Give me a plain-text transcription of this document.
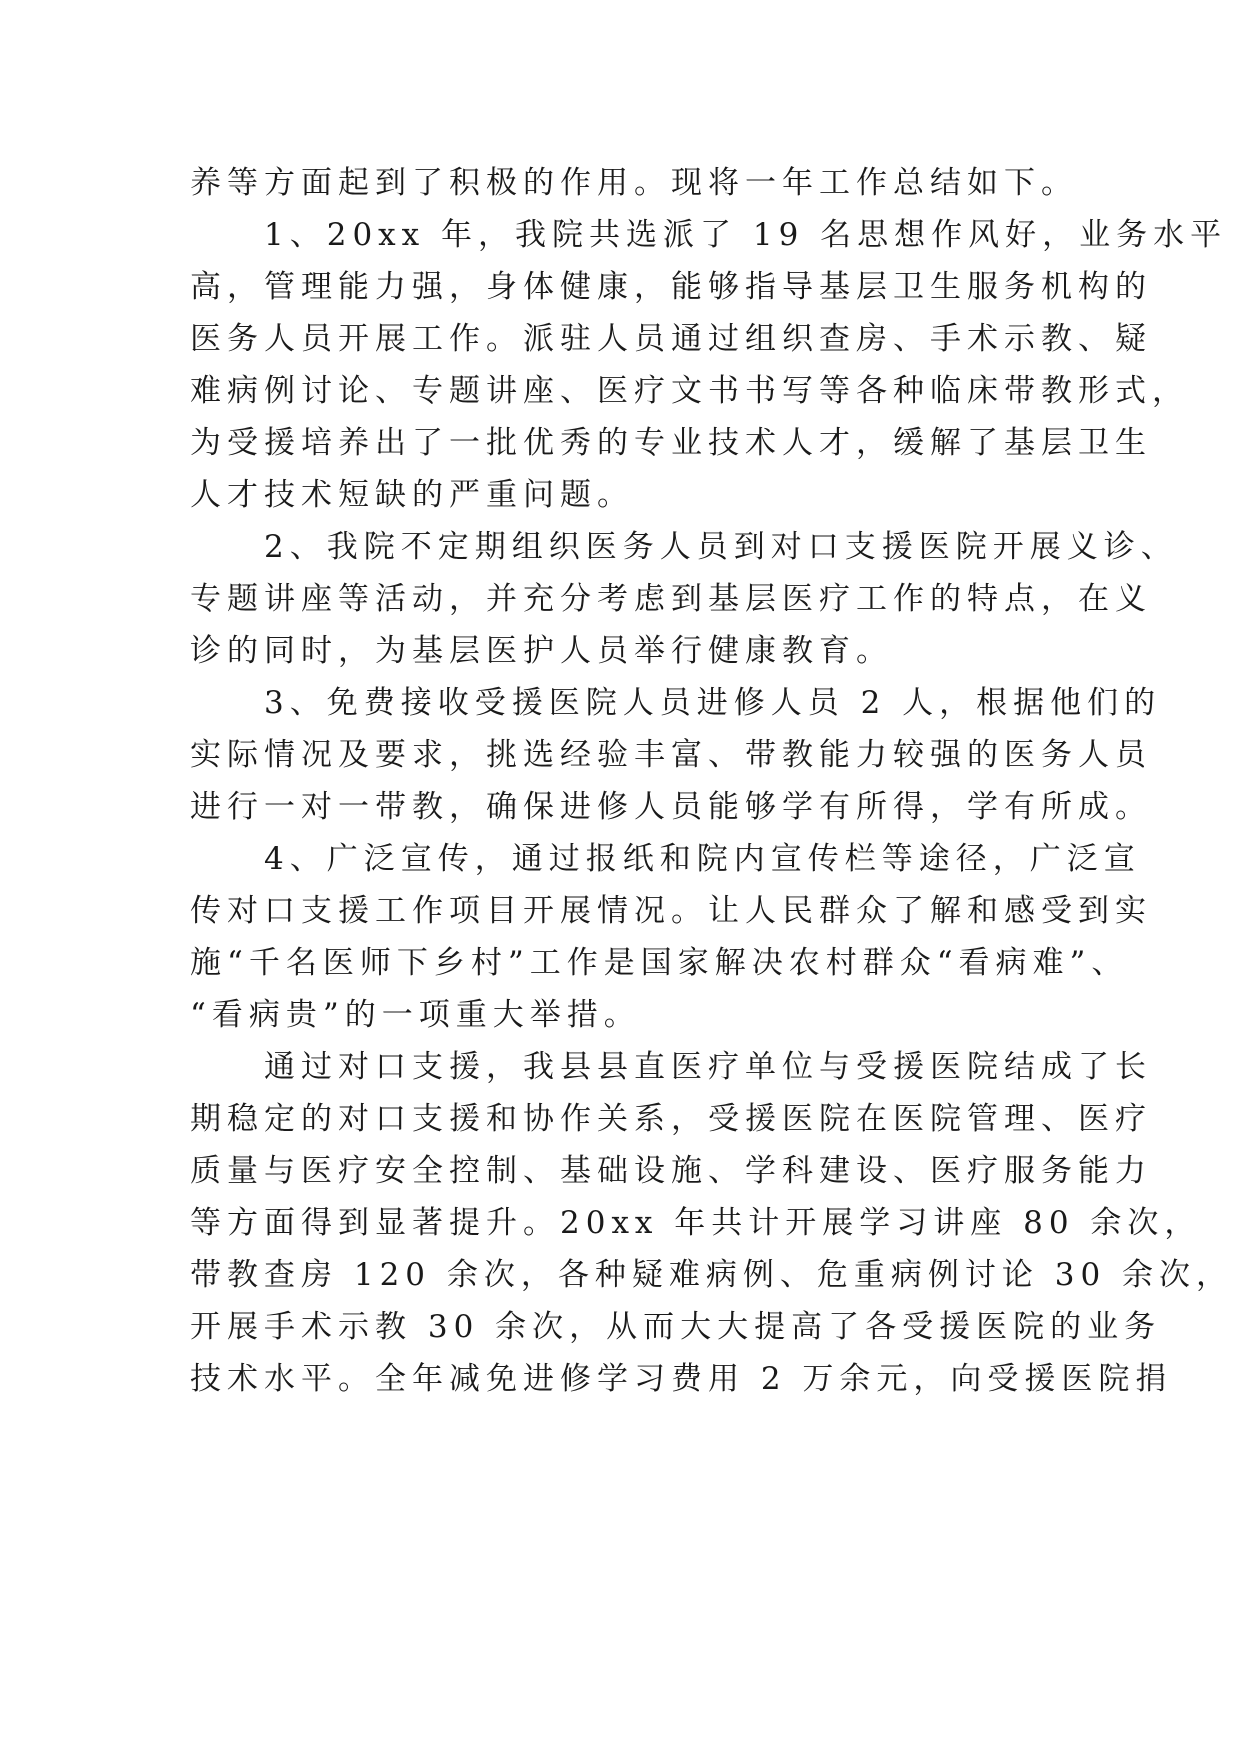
养等方面起到了积极的作用。现将一年工作总结如下。
　　1、20xx 年，我院共选派了 19 名思想作风好，业务水平
高，管理能力强，身体健康，能够指导基层卫生服务机构的
医务人员开展工作。派驻人员通过组织查房、手术示教、疑
难病例讨论、专题讲座、医疗文书书写等各种临床带教形式，
为受援培养出了一批优秀的专业技术人才，缓解了基层卫生
人才技术短缺的严重问题。
　　2、我院不定期组织医务人员到对口支援医院开展义诊、
专题讲座等活动，并充分考虑到基层医疗工作的特点，在义
诊的同时，为基层医护人员举行健康教育。
　　3、免费接收受援医院人员进修人员 2 人，根据他们的
实际情况及要求，挑选经验丰富、带教能力较强的医务人员
进行一对一带教，确保进修人员能够学有所得，学有所成。
　　4、广泛宣传，通过报纸和院内宣传栏等途径，广泛宣
传对口支援工作项目开展情况。让人民群众了解和感受到实
施“千名医师下乡村”工作是国家解决农村群众“看病难”、
“看病贵”的一项重大举措。
　　通过对口支援，我县县直医疗单位与受援医院结成了长
期稳定的对口支援和协作关系，受援医院在医院管理、医疗
质量与医疗安全控制、基础设施、学科建设、医疗服务能力
等方面得到显著提升。20xx 年共计开展学习讲座 80 余次，
带教查房 120 余次，各种疑难病例、危重病例讨论 30 余次，
开展手术示教 30 余次，从而大大提高了各受援医院的业务
技术水平。全年减免进修学习费用 2 万余元，向受援医院捐
